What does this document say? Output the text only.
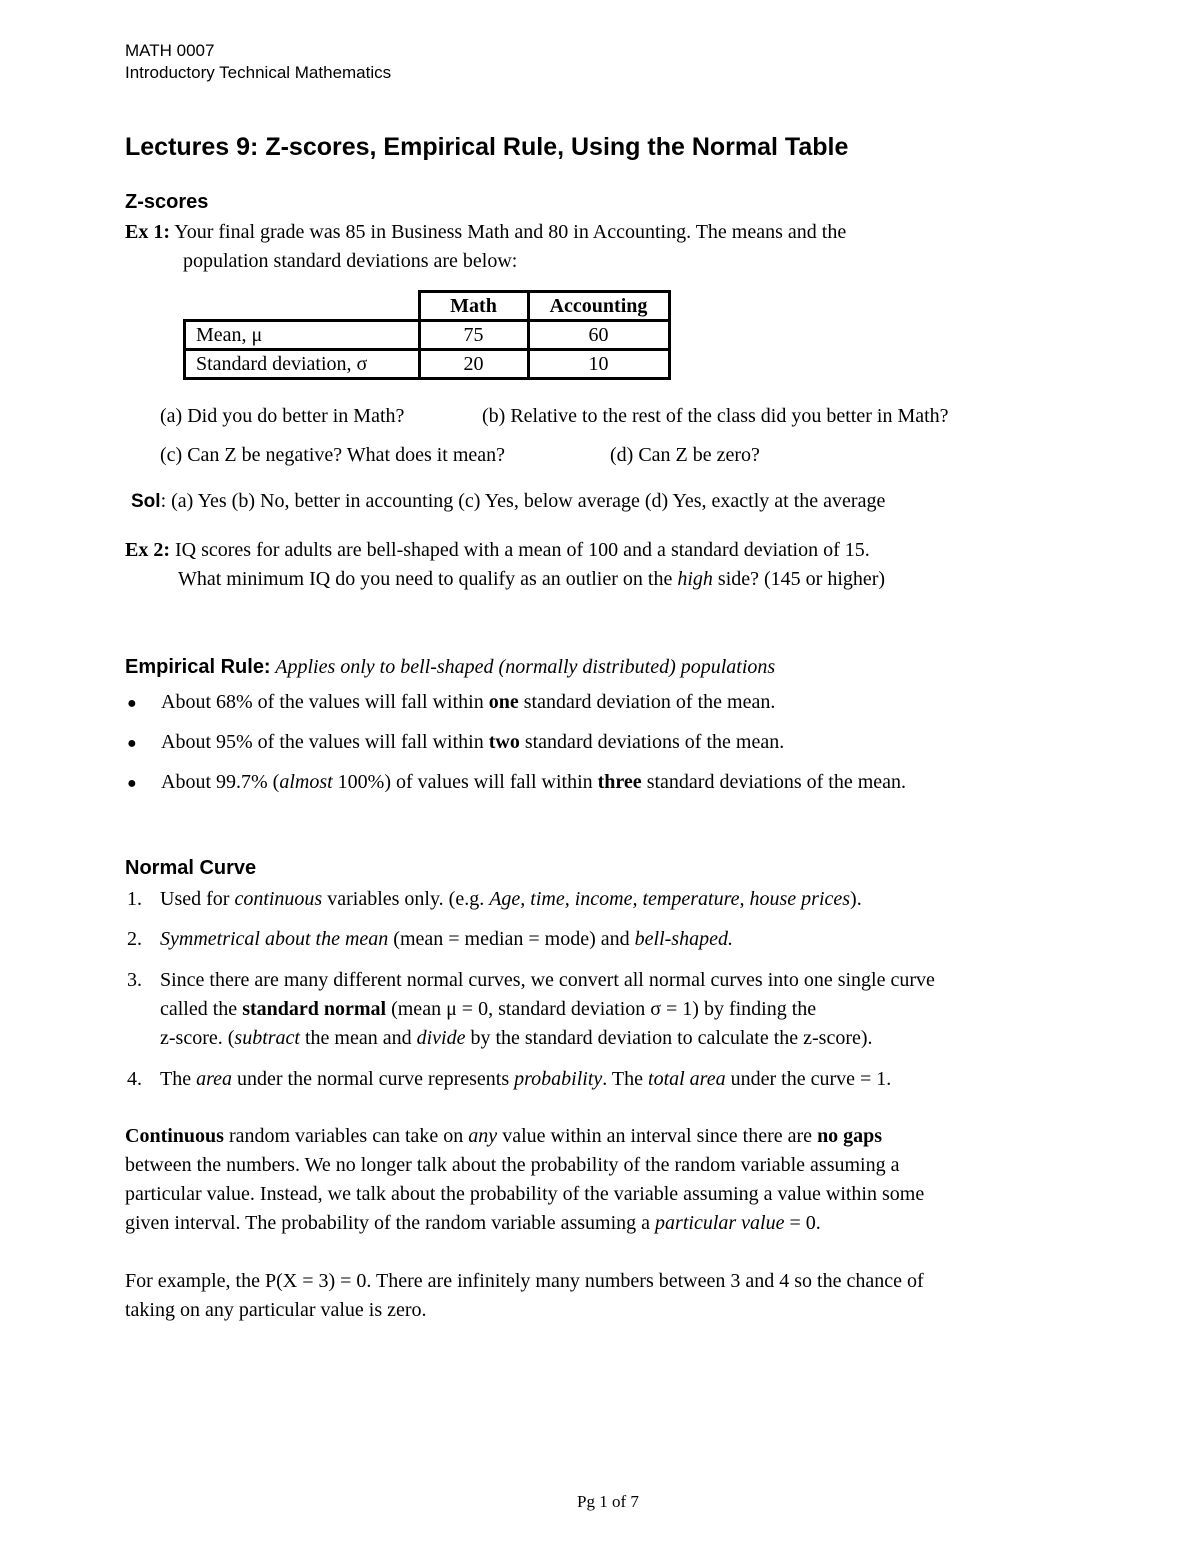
MATH 0007
Introductory Technical Mathematics
Lectures 9: Z-scores, Empirical Rule, Using the Normal Table
Z-scores
Ex 1: Your final grade was 85 in Business Math and 80 in Accounting. The means and the
population standard deviations are below:
	Math	Accounting
Mean, μ	75	60
Standard deviation, σ	20	10
(a) Did you do better in Math?	(b) Relative to the rest of the class did you better in Math?
(c) Can Z be negative? What does it mean?	(d) Can Z be zero?
Sol: (a) Yes (b) No, better in accounting (c) Yes, below average (d) Yes, exactly at the average
Ex 2: IQ scores for adults are bell-shaped with a mean of 100 and a standard deviation of 15.
What minimum IQ do you need to qualify as an outlier on the high side? (145 or higher)
Empirical Rule: Applies only to bell-shaped (normally distributed) populations
● About 68% of the values will fall within one standard deviation of the mean.
● About 95% of the values will fall within two standard deviations of the mean.
● About 99.7% (almost 100%) of values will fall within three standard deviations of the mean.
Normal Curve
1. Used for continuous variables only. (e.g. Age, time, income, temperature, house prices).
2. Symmetrical about the mean (mean = median = mode) and bell-shaped.
3. Since there are many different normal curves, we convert all normal curves into one single curve
called the standard normal (mean μ = 0, standard deviation σ = 1) by finding the
z-score. (subtract the mean and divide by the standard deviation to calculate the z-score).
4. The area under the normal curve represents probability. The total area under the curve = 1.
Continuous random variables can take on any value within an interval since there are no gaps
between the numbers. We no longer talk about the probability of the random variable assuming a
particular value. Instead, we talk about the probability of the variable assuming a value within some
given interval. The probability of the random variable assuming a particular value = 0.
For example, the P(X = 3) = 0. There are infinitely many numbers between 3 and 4 so the chance of
taking on any particular value is zero.
Pg 1 of 7
